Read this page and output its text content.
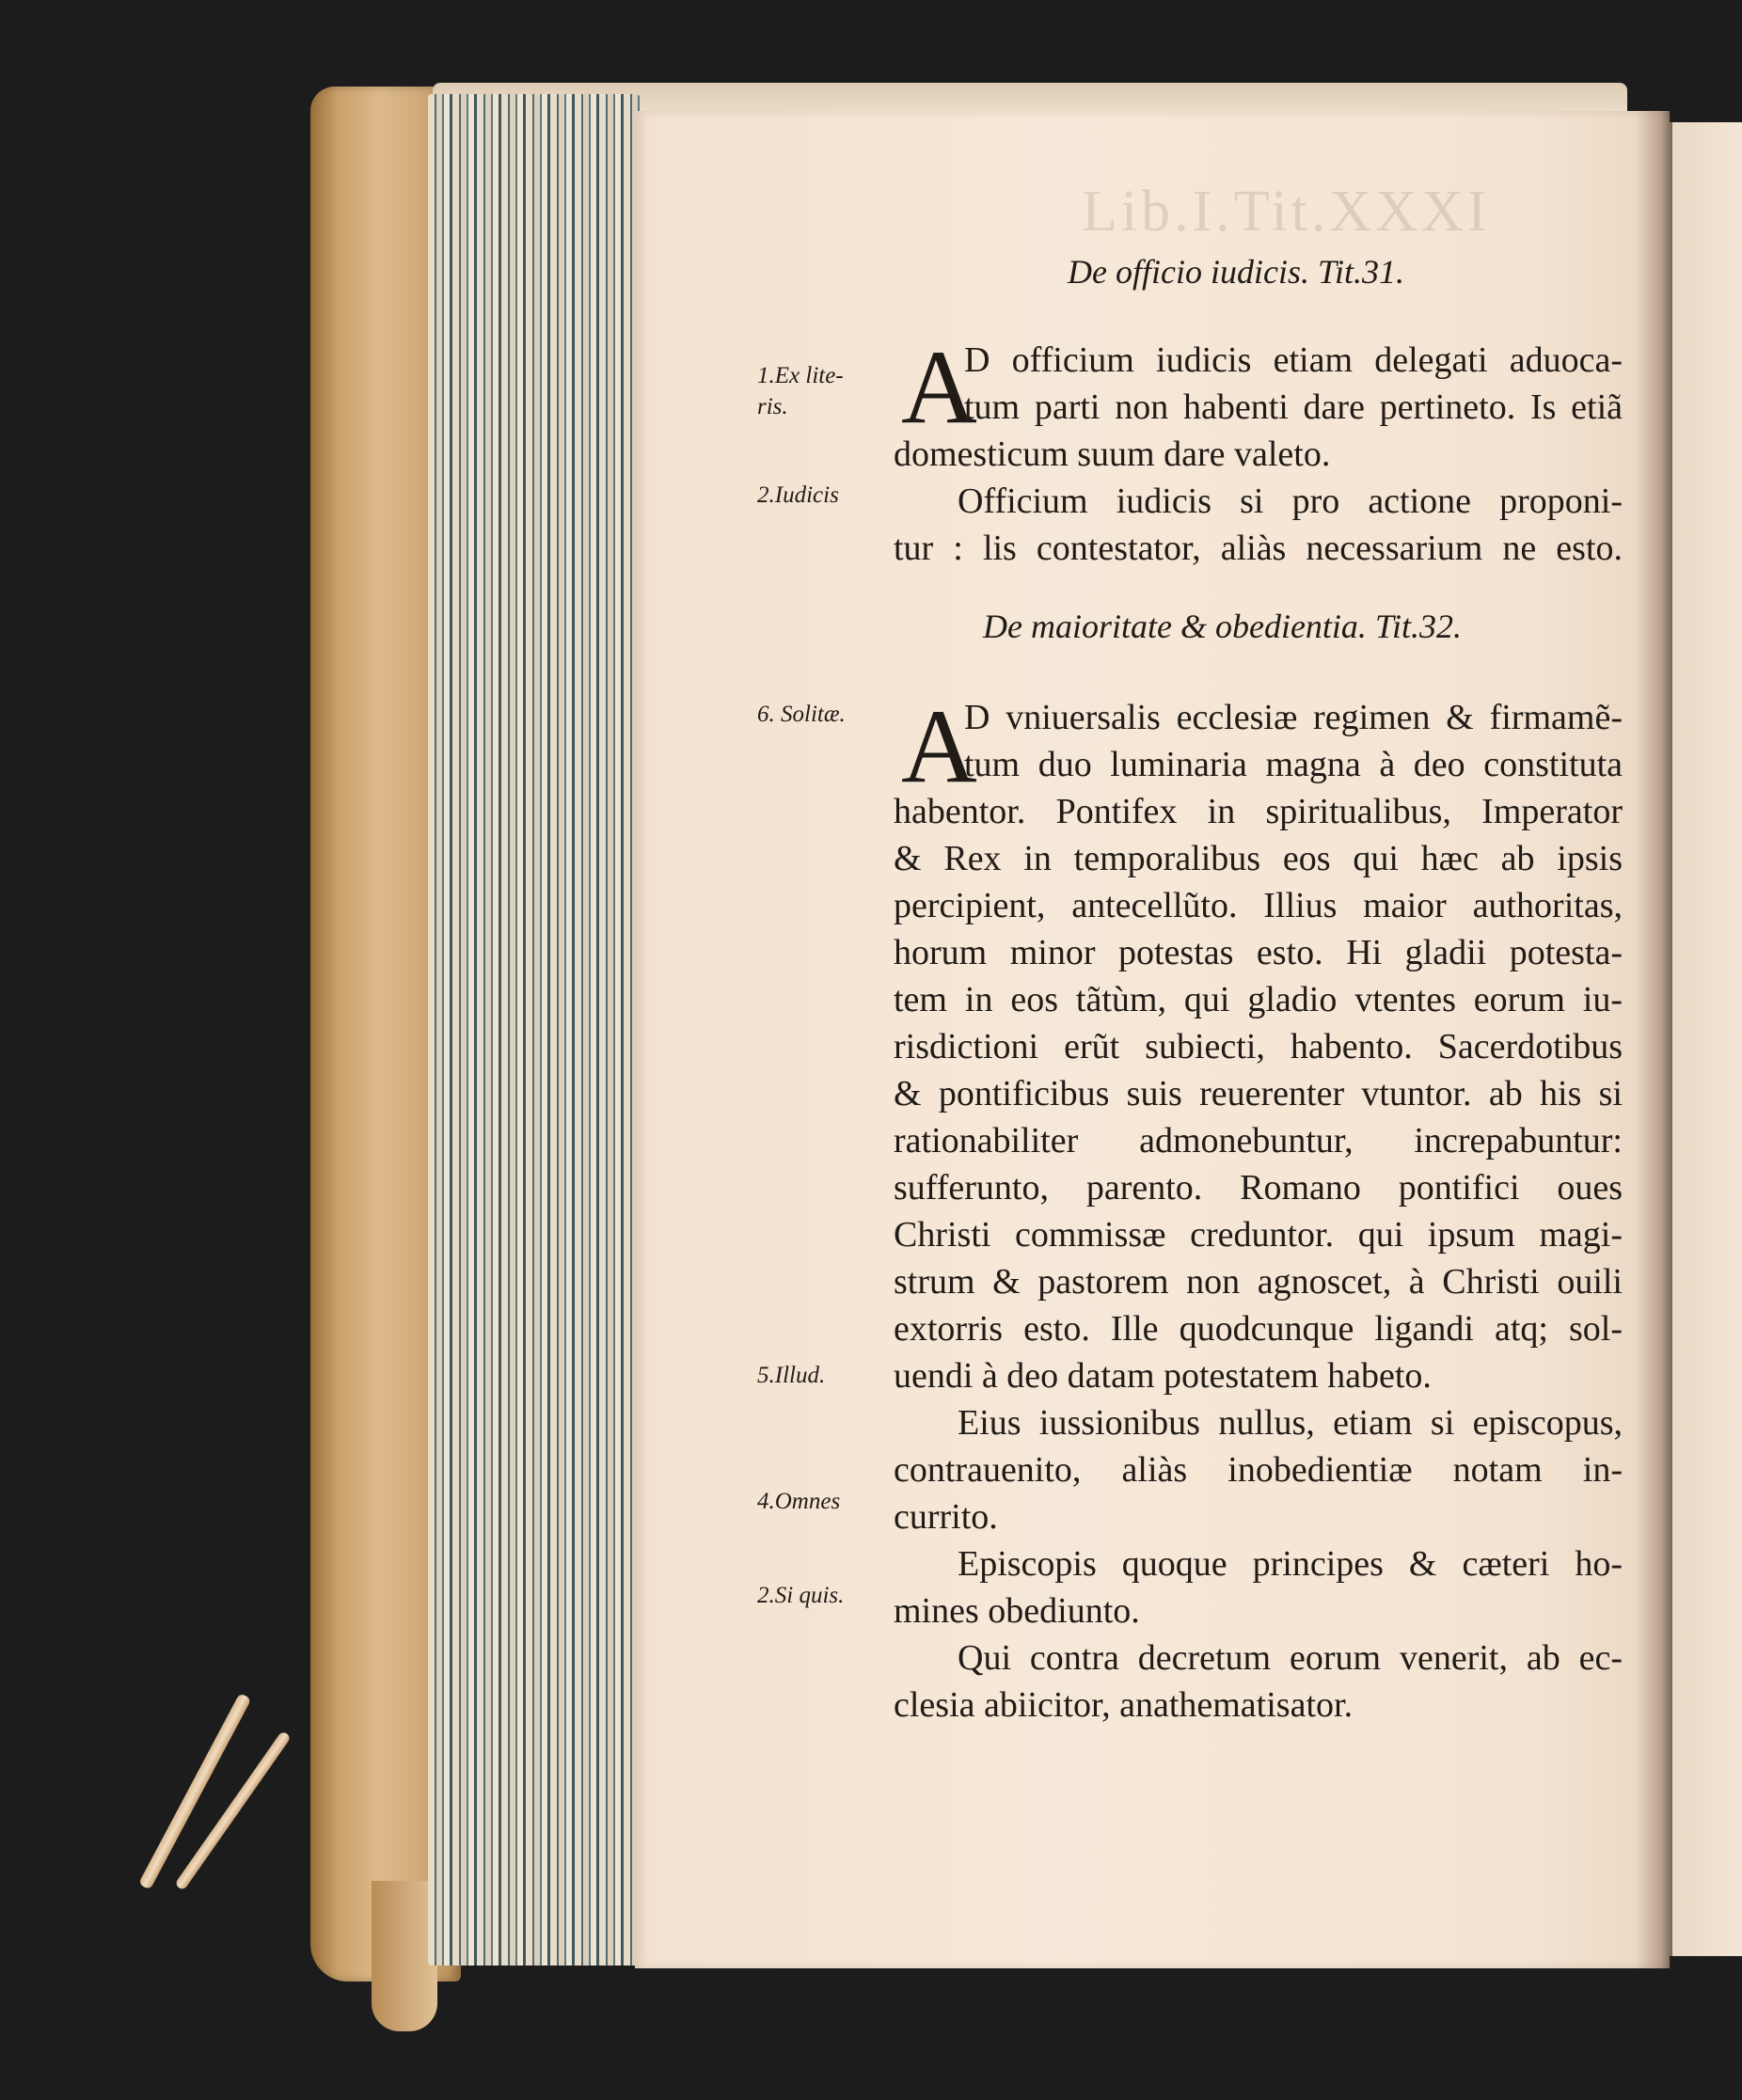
Lib.I.Tit.XXXI
De officio iudicis. Tit.31.
1.Ex lite-
ris.
2.Iudicis
A
D officium iudicis etiam delegati aduoca-
tum parti non habenti dare pertineto. Is etiã
domesticum suum dare valeto.
Officium iudicis si pro actione proponi-
tur : lis contestator, aliàs necessarium ne esto.
De maioritate & obedientia. Tit.32.
6. Solitæ.
5.Illud.
4.Omnes
2.Si quis.
A
D vniuersalis ecclesiæ regimen & firmamẽ-
tum duo luminaria magna à deo constituta
habentor. Pontifex in spiritualibus, Imperator
& Rex in temporalibus eos qui hæc ab ipsis
percipient, antecellũto. Illius maior authoritas,
horum minor potestas esto. Hi gladii potesta-
tem in eos tãtùm, qui gladio vtentes eorum iu-
risdictioni erũt subiecti, habento. Sacerdotibus
& pontificibus suis reuerenter vtuntor. ab his si
rationabiliter admonebuntur, increpabuntur:
sufferunto, parento. Romano pontifici oues
Christi commissæ creduntor. qui ipsum magi-
strum & pastorem non agnoscet, à Christi ouili
extorris esto. Ille quodcunque ligandi atq; sol-
uendi à deo datam potestatem habeto.
Eius iussionibus nullus, etiam si episcopus,
contrauenito, aliàs inobedientiæ notam in-
currito.
Episcopis quoque principes & cæteri ho-
mines obediunto.
Qui contra decretum eorum venerit, ab ec-
clesia abiicitor, anathematisator.
